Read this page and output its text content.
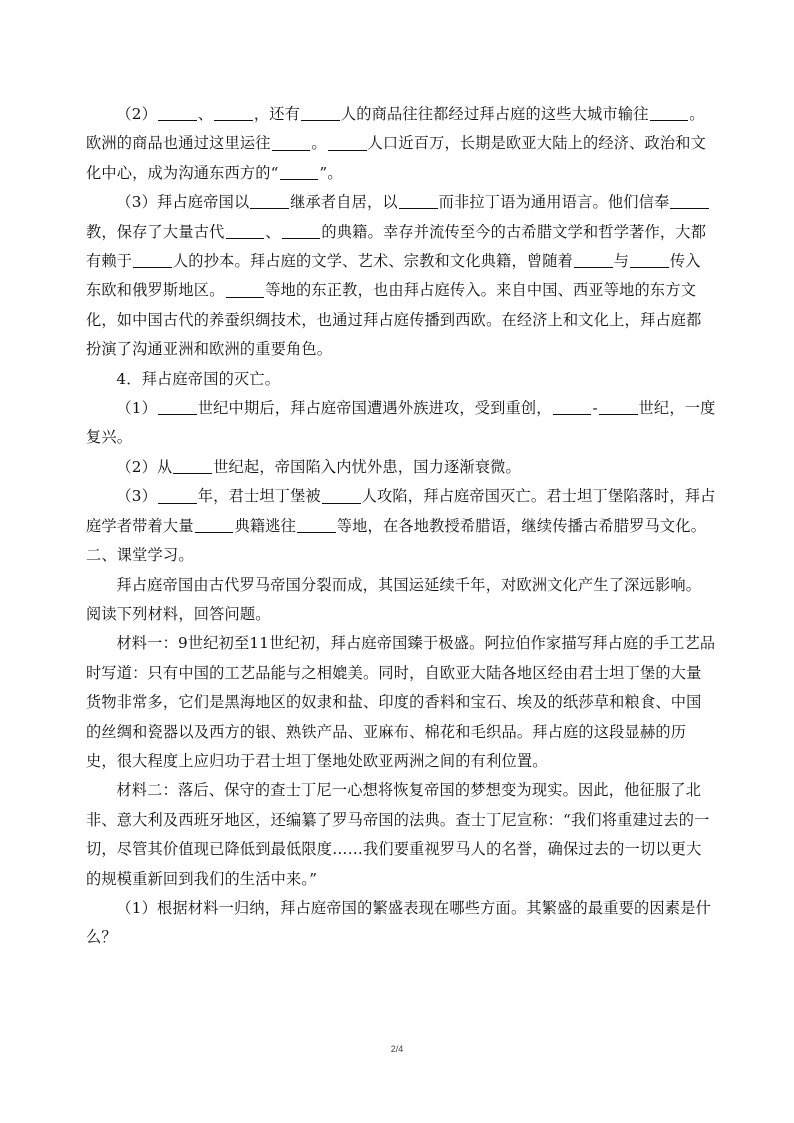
（2）	、	，还有	人的商品往往都经过拜占庭的这些大城市输往	。欧洲的商品也通过这里运往	。	人口近百万，长期是欧亚大陆上的经济、政治和文化中心，成为沟通东西方的“	”。

（3）拜占庭帝国以	继承者自居，以	而非拉丁语为通用语言。他们信奉教，保存了大量古代	、	的典籍。幸存并流传至今的古希腊文学和哲学著作，大都有赖于	人的抄本。拜占庭的文学、艺术、宗教和文化典籍，曾随着	与	传入东欧和俄罗斯地区。	等地的东正教，也由拜占庭传入。来自中国、西亚等地的东方文化，如中国古代的养蚕织绸技术，也通过拜占庭传播到西欧。在经济上和文化上，拜占庭都扮演了沟通亚洲和欧洲的重要角色。

4．拜占庭帝国的灭亡。

（1）	世纪中期后，拜占庭帝国遭遇外族进攻，受到重创，	-	世纪，一度复兴。

（2）从	世纪起，帝国陷入内忧外患，国力逐渐衰微。

（3）	年，君士坦丁堡被	人攻陷，拜占庭帝国灭亡。君士坦丁堡陷落时，拜占庭学者带着大量	典籍逃往	等地，在各地教授希腊语，继续传播古希腊罗马文化。

二、课堂学习。

拜占庭帝国由古代罗马帝国分裂而成，其国运延续千年，对欧洲文化产生了深远影响。阅读下列材料，回答问题。

材料一：9世纪初至11世纪初，拜占庭帝国臻于极盛。阿拉伯作家描写拜占庭的手工艺品时写道：只有中国的工艺品能与之相媲美。同时，自欧亚大陆各地区经由君士坦丁堡的大量货物非常多，它们是黑海地区的奴隶和盐、印度的香料和宝石、埃及的纸莎草和粮食、中国的丝绸和瓷器以及西方的银、熟铁产品、亚麻布、棉花和毛织品。拜占庭的这段显赫的历史，很大程度上应归功于君士坦丁堡地处欧亚两洲之间的有利位置。

材料二：落后、保守的查士丁尼一心想将恢复帝国的梦想变为现实。因此，他征服了北非、意大利及西班牙地区，还编纂了罗马帝国的法典。查士丁尼宣称：“我们将重建过去的一切，尽管其价值现已降低到最低限度……我们要重视罗马人的名誉，确保过去的一切以更大的规模重新回到我们的生活中来。”

（1）根据材料一归纳，拜占庭帝国的繁盛表现在哪些方面。其繁盛的最重要的因素是什么？

2/4
